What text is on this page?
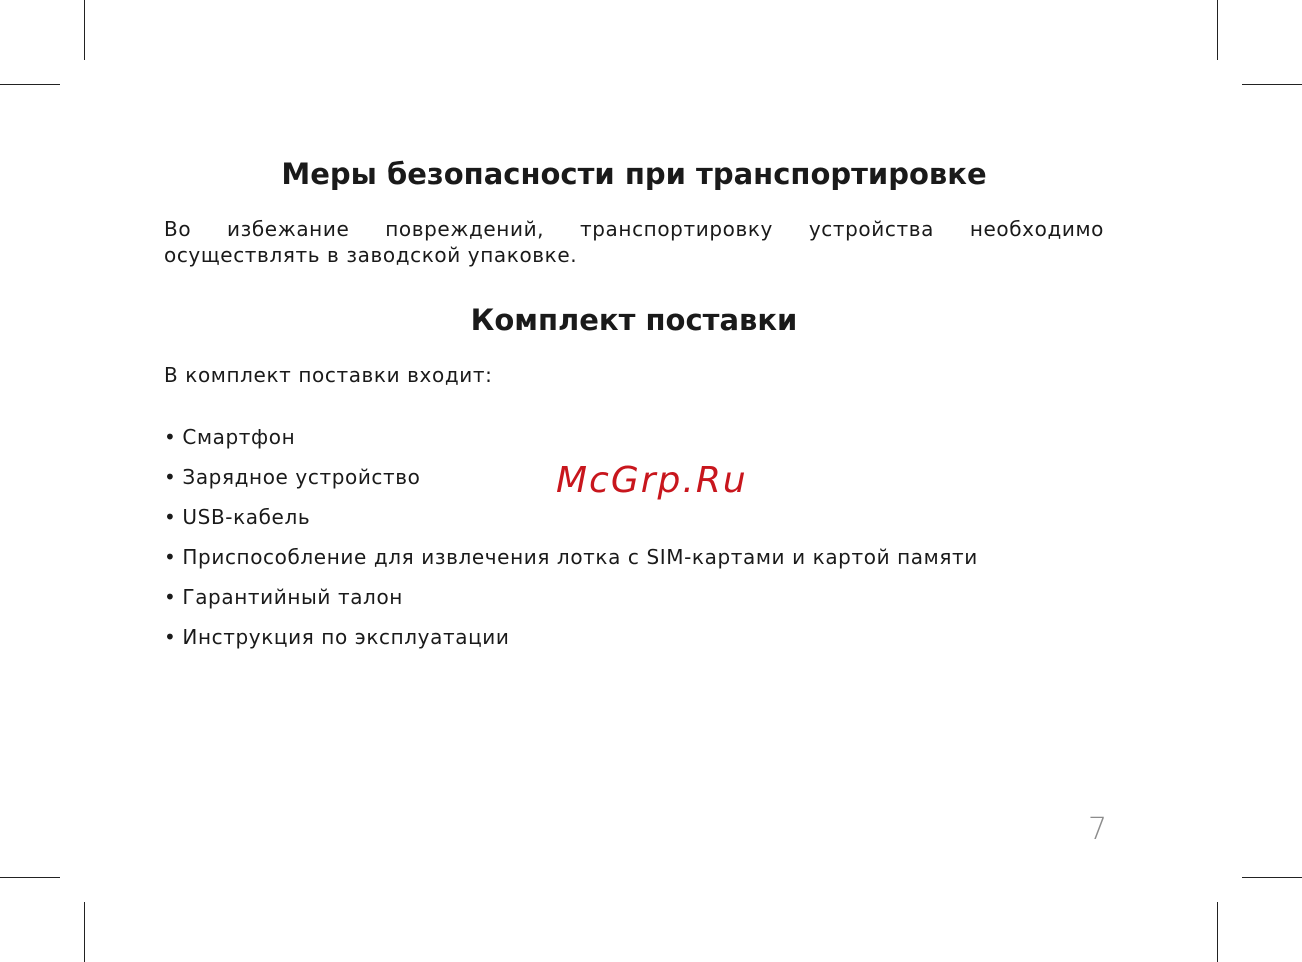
Меры безопасности при транспортировке

Во избежание повреждений, транспортировку устройства необходимо
осуществлять в заводской упаковке.

Комплект поставки

В комплект поставки входит:

• Смартфон
• Зарядное устройство
• USB-кабель
• Приспособление для извлечения лотка с SIM-картами и картой памяти
• Гарантийный талон
• Инструкция по эксплуатации
McGrp.Ru
7
